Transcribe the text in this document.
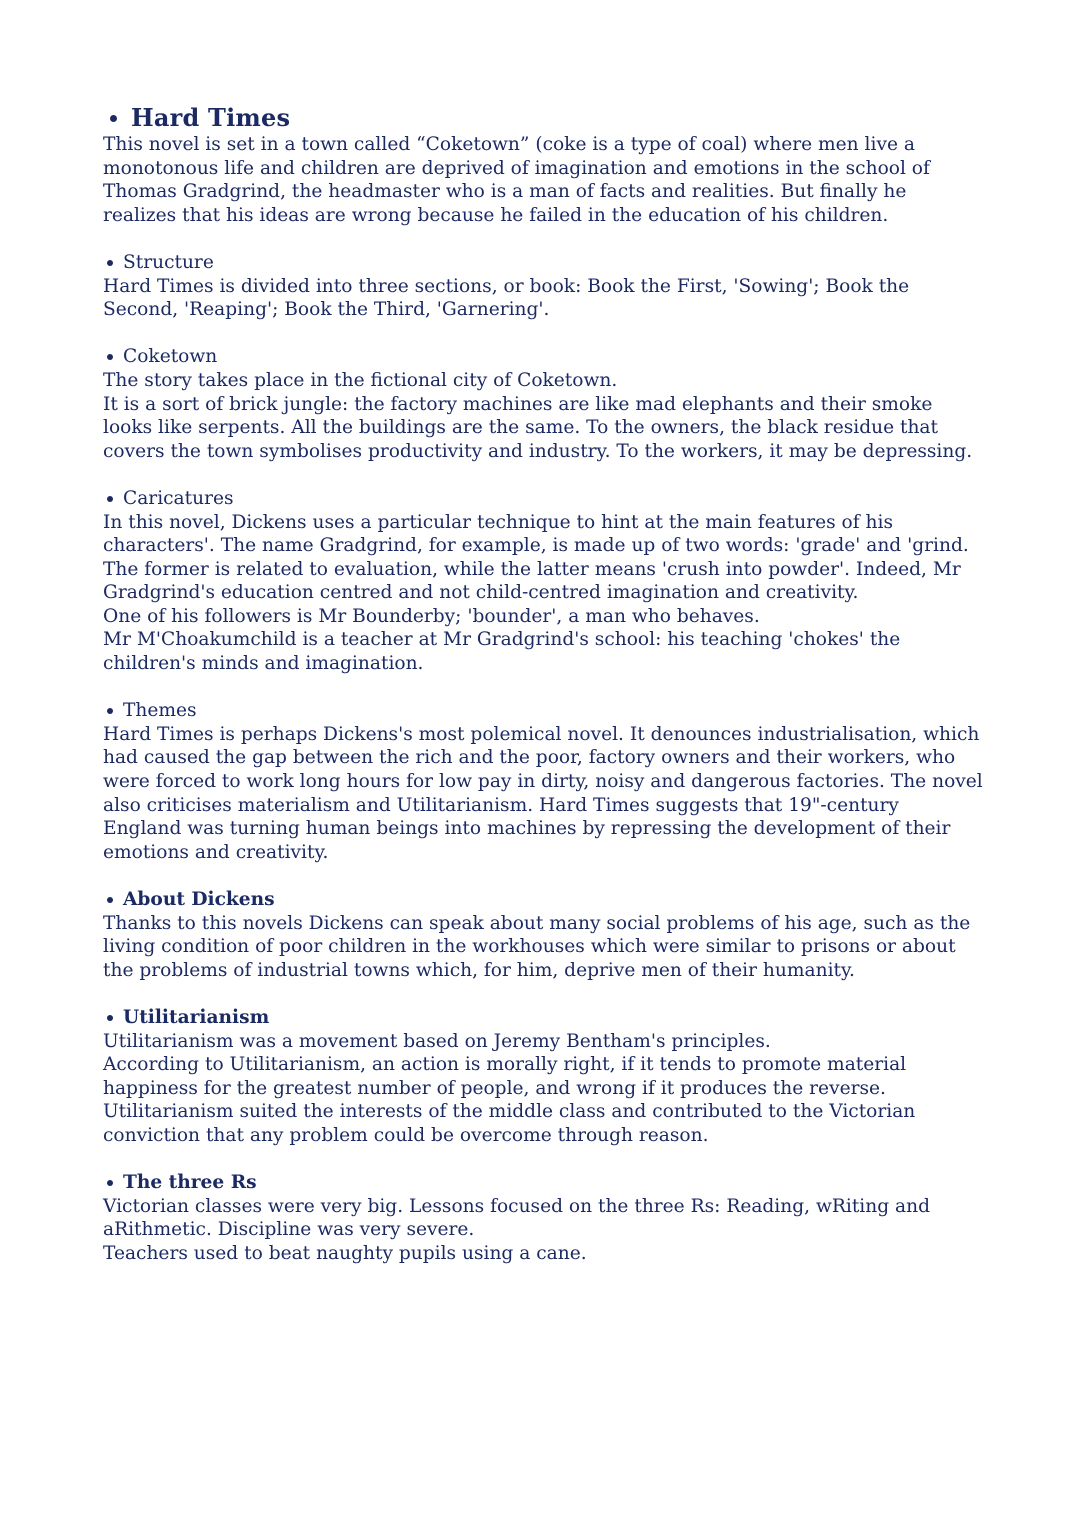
Hard Times

This novel is set in a town called “Coketown” (coke is a type of coal) where men live a monotonous life and children are deprived of imagination and emotions in the school of Thomas Gradgrind, the headmaster who is a man of facts and realities. But finally he realizes that his ideas are wrong because he failed in the education of his children.

Structure

Hard Times is divided into three sections, or book: Book the First, 'Sowing'; Book the Second, 'Reaping'; Book the Third, 'Garnering'.

Coketown

The story takes place in the fictional city of Coketown.

It is a sort of brick jungle: the factory machines are like mad elephants and their smoke looks like serpents. All the buildings are the same. To the owners, the black residue that covers the town symbolises productivity and industry. To the workers, it may be depressing.

Caricatures

In this novel, Dickens uses a particular technique to hint at the main features of his characters'. The name Gradgrind, for example, is made up of two words: 'grade' and 'grind. The former is related to evaluation, while the latter means 'crush into powder'. Indeed, Mr Gradgrind's education centred and not child-centred imagination and creativity.

One of his followers is Mr Bounderby; 'bounder', a man who behaves.

Mr M'Choakumchild is a teacher at Mr Gradgrind's school: his teaching 'chokes' the children's minds and imagination.

Themes

Hard Times is perhaps Dickens's most polemical novel. It denounces industrialisation, which had caused the gap between the rich and the poor, factory owners and their workers, who were forced to work long hours for low pay in dirty, noisy and dangerous factories. The novel also criticises materialism and Utilitarianism. Hard Times suggests that 19"-century England was turning human beings into machines by repressing the development of their emotions and creativity.

About Dickens

Thanks to this novels Dickens can speak about many social problems of his age, such as the living condition of poor children in the workhouses which were similar to prisons or about the problems of industrial towns which, for him, deprive men of their humanity.

Utilitarianism

Utilitarianism was a movement based on Jeremy Bentham's principles.

According to Utilitarianism, an action is morally right, if it tends to promote material happiness for the greatest number of people, and wrong if it produces the reverse. Utilitarianism suited the interests of the middle class and contributed to the Victorian conviction that any problem could be overcome through reason.

The three Rs

Victorian classes were very big. Lessons focused on the three Rs: Reading, wRiting and aRithmetic. Discipline was very severe.

Teachers used to beat naughty pupils using a cane.
